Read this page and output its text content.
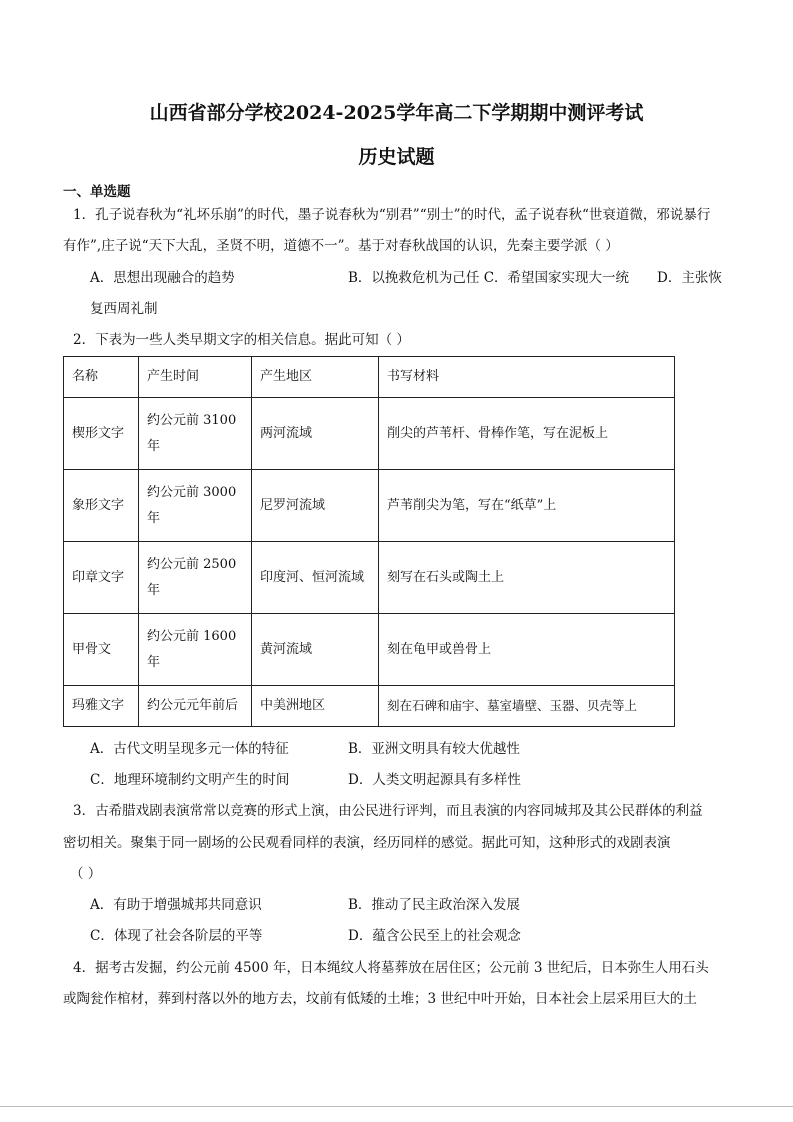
山西省部分学校2024-2025学年高二下学期期中测评考试
历史试题
一、单选题
1．孔子说春秋为“礼坏乐崩”的时代，墨子说春秋为“别君”“别士”的时代，孟子说春秋“世衰道微，邪说暴行
有作”,庄子说“天下大乱，圣贤不明，道德不一”。基于对春秋战国的认识，先秦主要学派（ ）
A．思想出现融合的趋势	B．以挽救危机为己任 C．希望国家实现大一统 D．主张恢
复西周礼制
2．下表为一些人类早期文字的相关信息。据此可知（ ）
名称	产生时间	产生地区	书写材料
楔形文字	约公元前 3100 年	两河流域	削尖的芦苇杆、骨棒作笔，写在泥板上
象形文字	约公元前 3000 年	尼罗河流域	芦苇削尖为笔，写在“纸草”上
印章文字	约公元前 2500 年	印度河、恒河流域	刻写在石头或陶土上
甲骨文	约公元前 1600 年	黄河流域	刻在龟甲或兽骨上
玛雅文字	约公元元年前后	中美洲地区	刻在石碑和庙宇、墓室墙壁、玉器、贝壳等上
A．古代文明呈现多元一体的特征	B．亚洲文明具有较大优越性
C．地理环境制约文明产生的时间	D．人类文明起源具有多样性
3．古希腊戏剧表演常常以竞赛的形式上演，由公民进行评判，而且表演的内容同城邦及其公民群体的利益
密切相关。聚集于同一剧场的公民观看同样的表演，经历同样的感觉。据此可知，这种形式的戏剧表演
（ ）
A．有助于增强城邦共同意识	B．推动了民主政治深入发展
C．体现了社会各阶层的平等	D．蕴含公民至上的社会观念
4．据考古发掘，约公元前 4500 年，日本绳纹人将墓葬放在居住区；公元前 3 世纪后，日本弥生人用石头
或陶瓮作棺材，葬到村落以外的地方去，坟前有低矮的土堆；3 世纪中叶开始，日本社会上层采用巨大的土
